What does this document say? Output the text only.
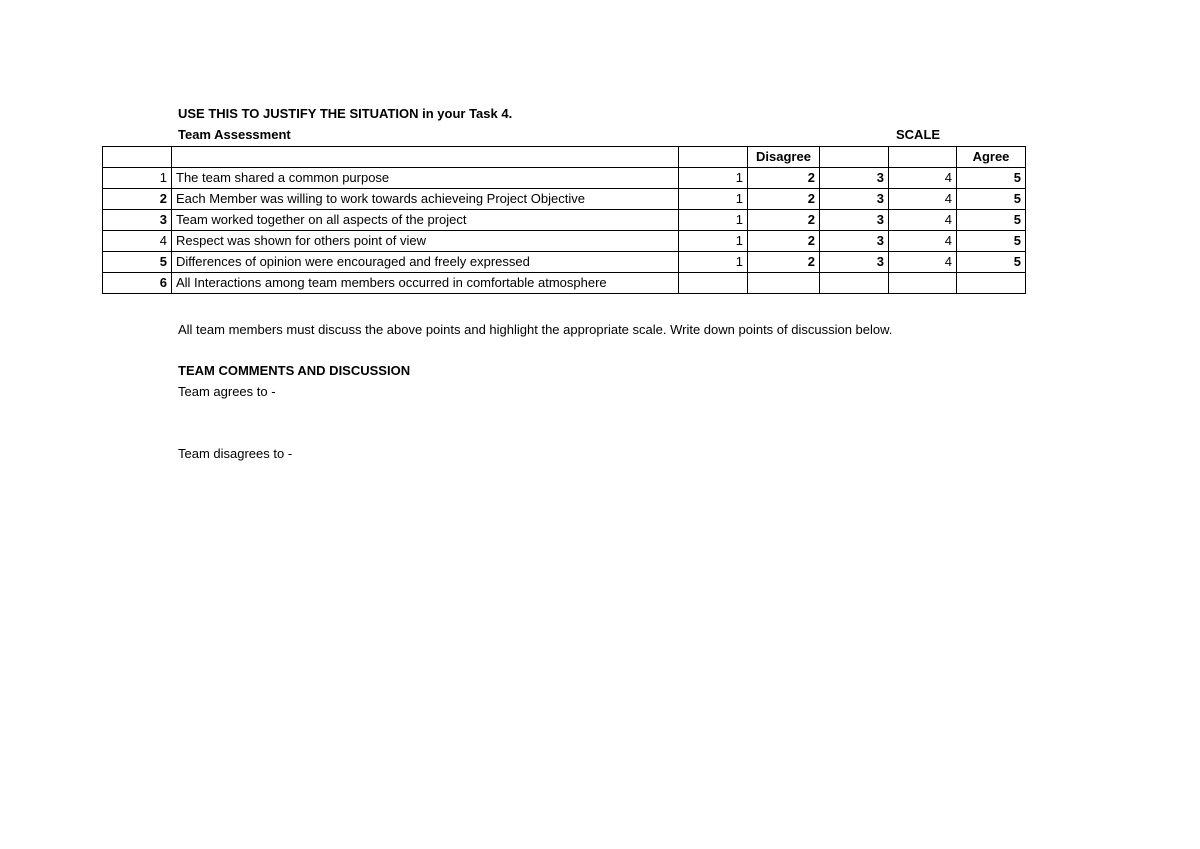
USE THIS TO JUSTIFY THE SITUATION in your Task 4.
Team Assessment	SCALE
			Disagree			Agree
1	The team shared a common purpose	1	2	3	4	5
2	Each Member was willing to work towards achieveing Project Objective	1	2	3	4	5
3	Team worked together on all aspects of the project	1	2	3	4	5
4	Respect was shown for others point of view	1	2	3	4	5
5	Differences of opinion were encouraged and freely expressed	1	2	3	4	5
6	All Interactions among team members occurred in comfortable atmosphere					
All team members must discuss the above points and highlight the appropriate scale. Write down points of discussion below.
TEAM COMMENTS AND DISCUSSION
Team agrees to -
Team disagrees to -
